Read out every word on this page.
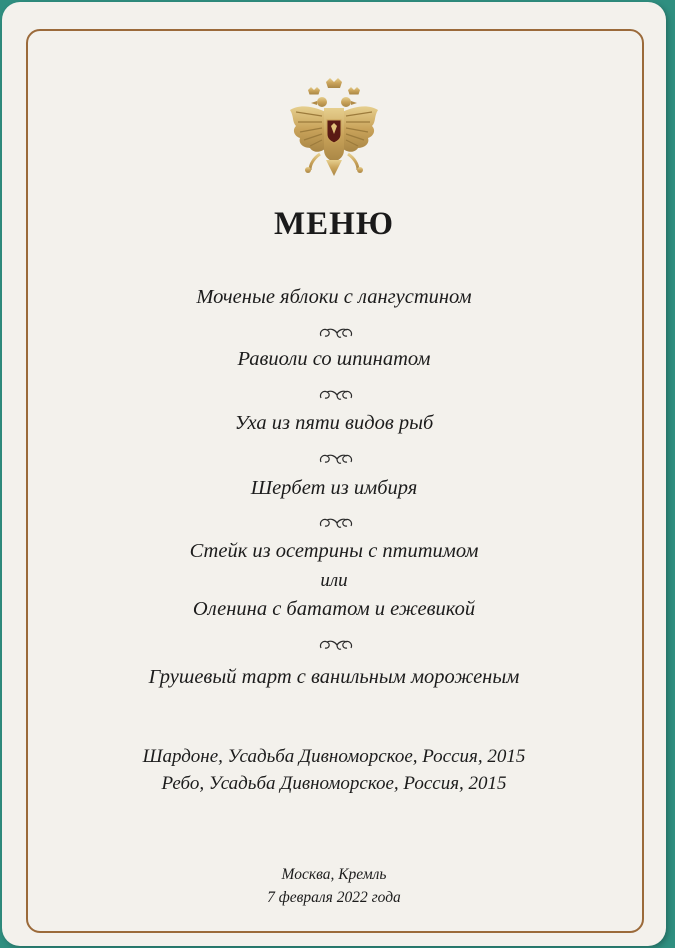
МЕНЮ
Моченые яблоки с лангустином
Равиоли со шпинатом
Уха из пяти видов рыб
Шербет из имбиря
Стейк из осетрины с птитимом
или
Оленина с бататом и ежевикой
Грушевый тарт с ванильным мороженым
Шардоне, Усадьба Дивноморское, Россия, 2015
Ребо, Усадьба Дивноморское, Россия, 2015
Москва, Кремль
7 февраля 2022 года
